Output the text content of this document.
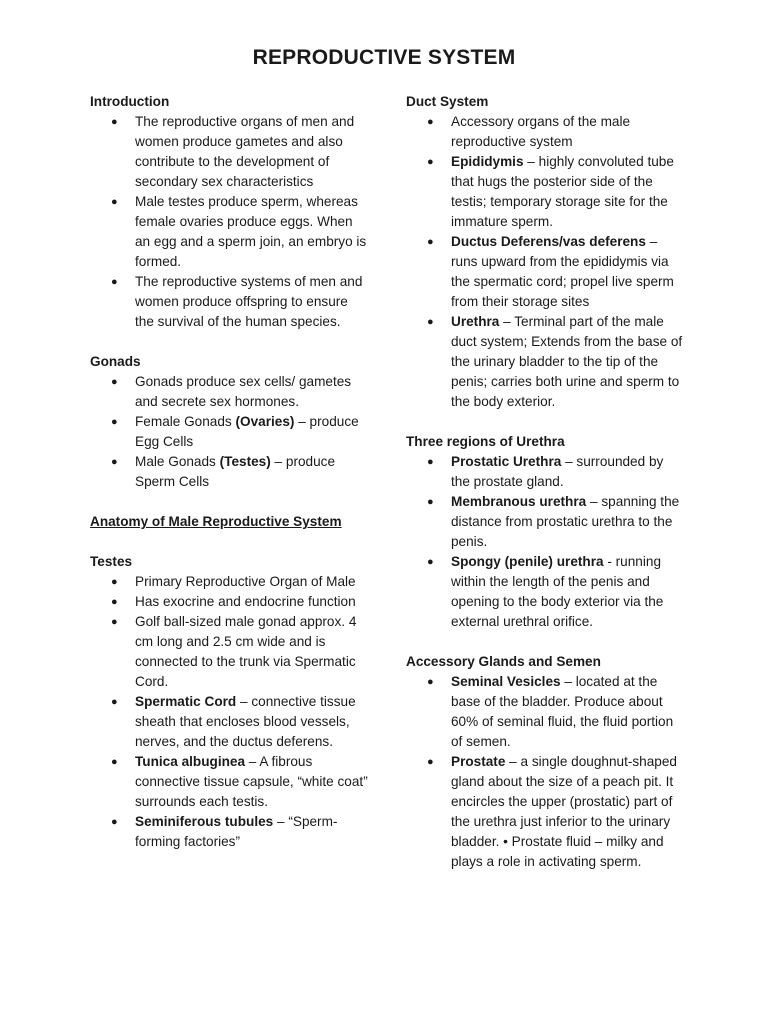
REPRODUCTIVE SYSTEM
Introduction
● The reproductive organs of men and women produce gametes and also contribute to the development of secondary sex characteristics
● Male testes produce sperm, whereas female ovaries produce eggs. When an egg and a sperm join, an embryo is formed.
● The reproductive systems of men and women produce offspring to ensure the survival of the human species.
Gonads
● Gonads produce sex cells/ gametes and secrete sex hormones.
● Female Gonads (Ovaries) – produce Egg Cells
● Male Gonads (Testes) – produce Sperm Cells
Anatomy of Male Reproductive System
Testes
● Primary Reproductive Organ of Male
● Has exocrine and endocrine function
● Golf ball-sized male gonad approx. 4 cm long and 2.5 cm wide and is connected to the trunk via Spermatic Cord.
● Spermatic Cord – connective tissue sheath that encloses blood vessels, nerves, and the ductus deferens.
● Tunica albuginea – A fibrous connective tissue capsule, “white coat” surrounds each testis.
● Seminiferous tubules – “Sperm-forming factories”
Duct System
● Accessory organs of the male reproductive system
● Epididymis – highly convoluted tube that hugs the posterior side of the testis; temporary storage site for the immature sperm.
● Ductus Deferens/vas deferens – runs upward from the epididymis via the spermatic cord; propel live sperm from their storage sites
● Urethra – Terminal part of the male duct system; Extends from the base of the urinary bladder to the tip of the penis; carries both urine and sperm to the body exterior.
Three regions of Urethra
● Prostatic Urethra – surrounded by the prostate gland.
● Membranous urethra – spanning the distance from prostatic urethra to the penis.
● Spongy (penile) urethra - running within the length of the penis and opening to the body exterior via the external urethral orifice.
Accessory Glands and Semen
● Seminal Vesicles – located at the base of the bladder. Produce about 60% of seminal fluid, the fluid portion of semen.
● Prostate – a single doughnut-shaped gland about the size of a peach pit. It encircles the upper (prostatic) part of the urethra just inferior to the urinary bladder. • Prostate fluid – milky and plays a role in activating sperm.
